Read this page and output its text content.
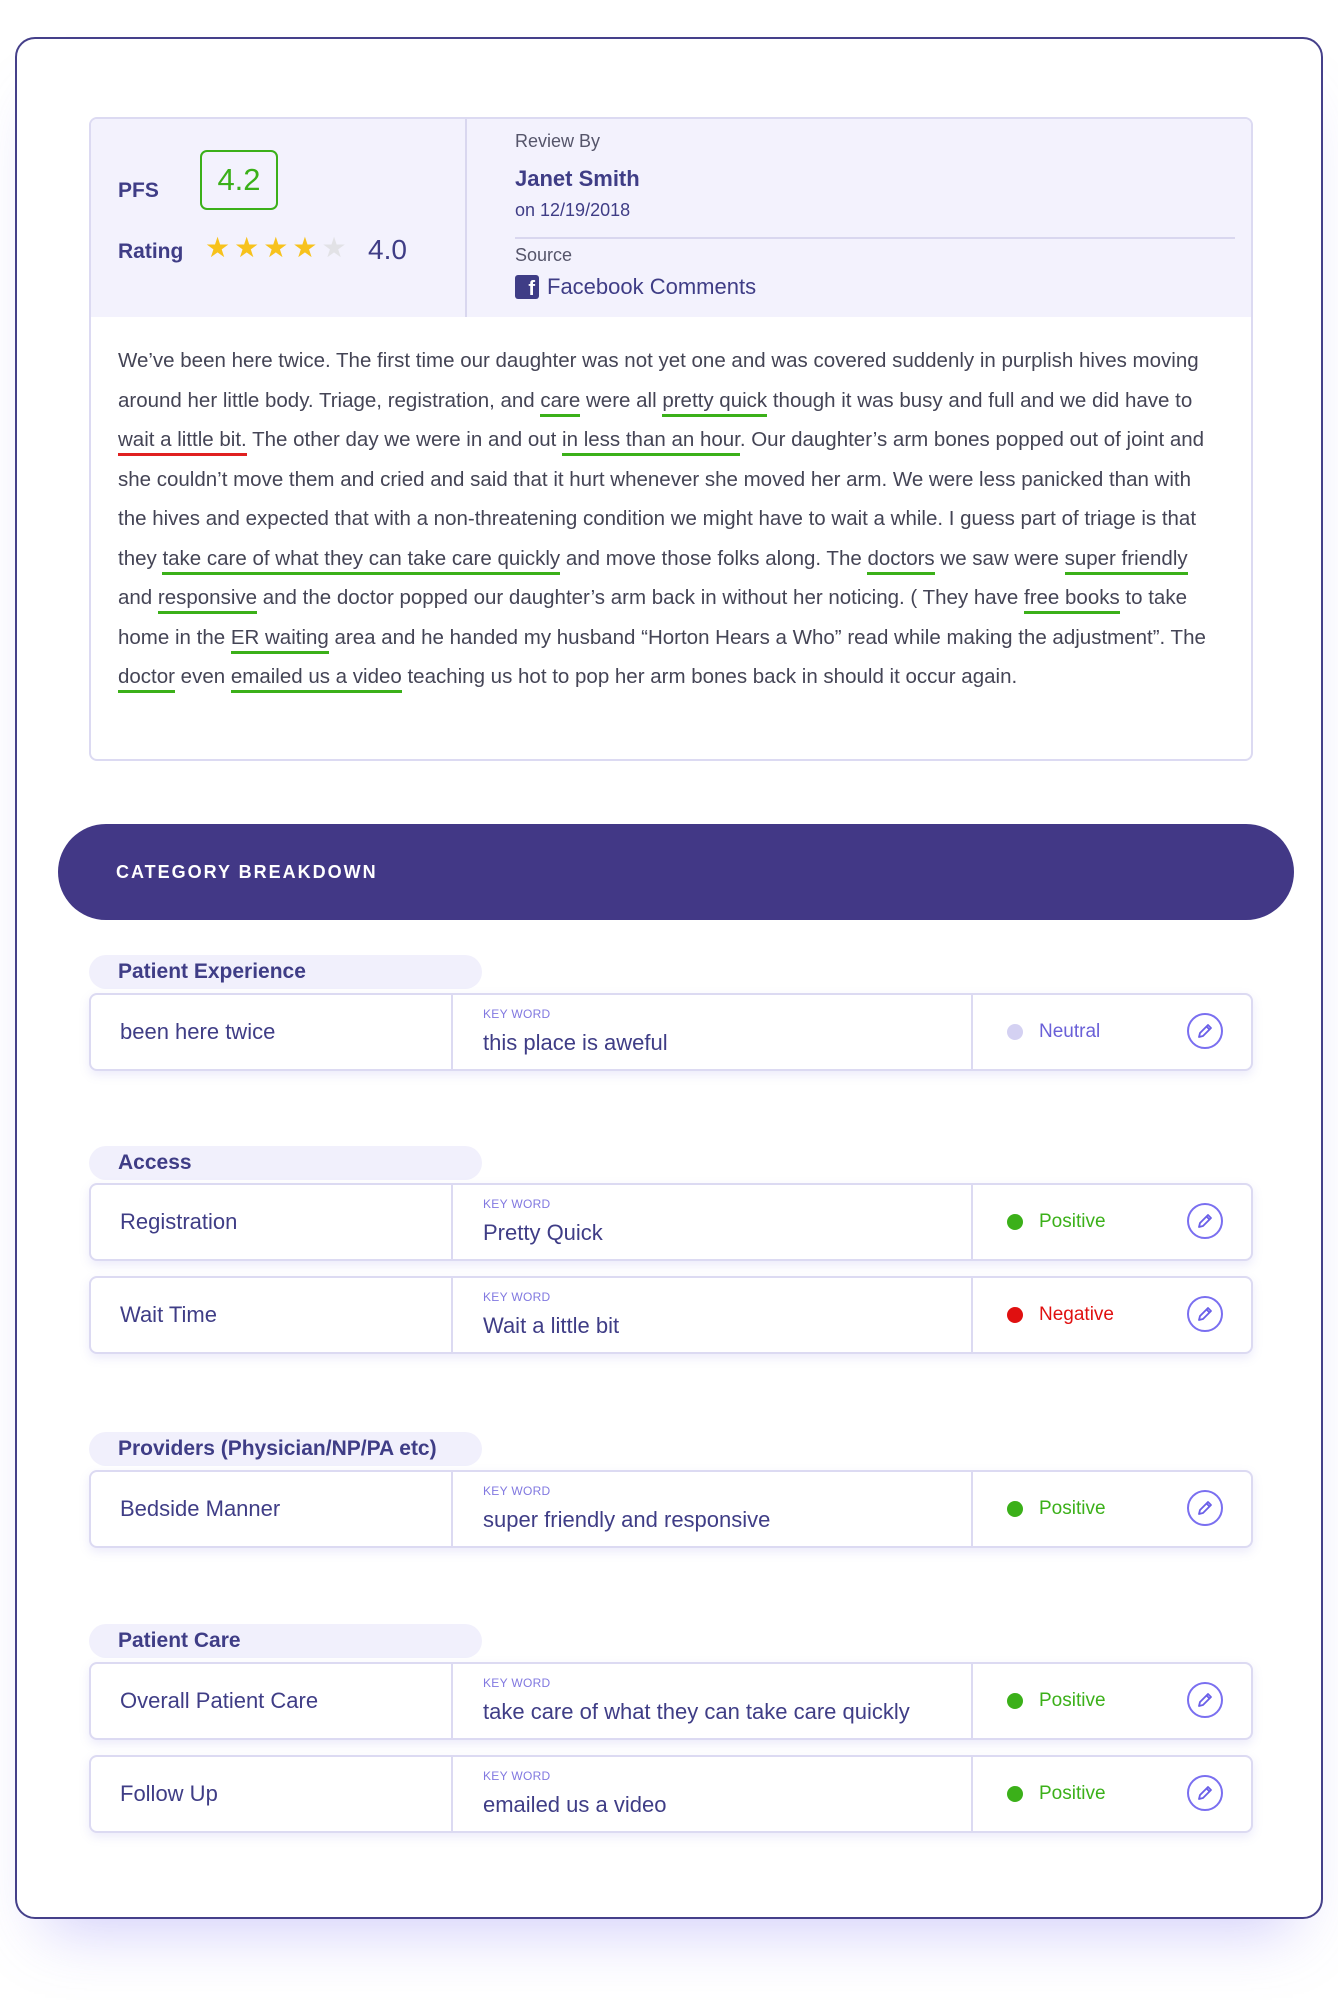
PFS	4.2
Rating ★ ★ ★ ★ ★ 4.0
Review By
Janet Smith
on 12/19/2018
Source
f Facebook Comments

We’ve been here twice. The first time our daughter was not yet one and was covered suddenly in purplish hives moving around her little body. Triage, registration, and care were all pretty quick though it was busy and full and we did have to wait a little bit. The other day we were in and out in less than an hour. Our daughter’s arm bones popped out of joint and she couldn’t move them and cried and said that it hurt whenever she moved her arm. We were less panicked than with the hives and expected that with a non-threatening condition we might have to wait a while. I guess part of triage is that they take care of what they can take care quickly and move those folks along. The doctors we saw were super friendly and responsive and the doctor popped our daughter’s arm back in without her noticing. ( They have free books to take home in the ER waiting area and he handed my husband “Horton Hears a Who” read while making the adjustment”. The doctor even emailed us a video teaching us hot to pop her arm bones back in should it occur again.

CATEGORY BREAKDOWN
Patient Experience
been here twice
KEY WORD
this place is aweful	Neutral
Access
Registration
KEY WORD
Pretty Quick	Positive
Wait Time
KEY WORD
Wait a little bit	Negative
Providers (Physician/NP/PA etc)
Bedside Manner
KEY WORD
super friendly and responsive	Positive
Patient Care
Overall Patient Care
KEY WORD
take care of what they can take care quickly	Positive
Follow Up
KEY WORD
emailed us a video	Positive
